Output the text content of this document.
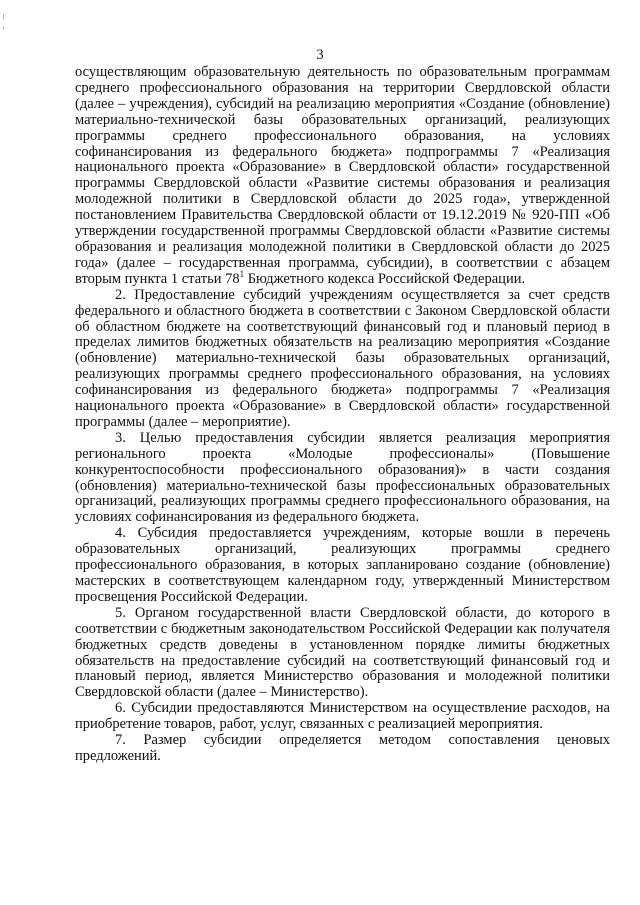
3

осуществляющим образовательную деятельность по образовательным программам среднего профессионального образования на территории Свердловской области (далее – учреждения), субсидий на реализацию мероприятия «Создание (обновление) материально-технической базы образовательных организаций, реализующих программы среднего профессионального образования, на условиях софинансирования из федерального бюджета» подпрограммы 7 «Реализация национального проекта «Образование» в Свердловской области» государственной программы Свердловской области «Развитие системы образования и реализация молодежной политики в Свердловской области до 2025 года», утвержденной постановлением Правительства Свердловской области от 19.12.2019 № 920-ПП «Об утверждении государственной программы Свердловской области «Развитие системы образования и реализация молодежной политики в Свердловской области до 2025 года» (далее – государственная программа, субсидии), в соответствии с абзацем вторым пункта 1 статьи 78$^1$ Бюджетного кодекса Российской Федерации.

2. Предоставление субсидий учреждениям осуществляется за счет средств федерального и областного бюджета в соответствии с Законом Свердловской области об областном бюджете на соответствующий финансовый год и плановый период в пределах лимитов бюджетных обязательств на реализацию мероприятия «Создание (обновление) материально-технической базы образовательных организаций, реализующих программы среднего профессионального образования, на условиях софинансирования из федерального бюджета» подпрограммы 7 «Реализация национального проекта «Образование» в Свердловской области» государственной программы (далее – мероприятие).

3. Целью предоставления субсидии является реализация мероприятия регионального проекта «Молодые профессионалы» (Повышение конкурентоспособности профессионального образования)» в части создания (обновления) материально-технической базы профессиональных образовательных организаций, реализующих программы среднего профессионального образования, на условиях софинансирования из федерального бюджета.

4. Субсидия предоставляется учреждениям, которые вошли в перечень образовательных организаций, реализующих программы среднего профессионального образования, в которых запланировано создание (обновление) мастерских в соответствующем календарном году, утвержденный Министерством просвещения Российской Федерации.

5. Органом государственной власти Свердловской области, до которого в соответствии с бюджетным законодательством Российской Федерации как получателя бюджетных средств доведены в установленном порядке лимиты бюджетных обязательств на предоставление субсидий на соответствующий финансовый год и плановый период, является Министерство образования и молодежной политики Свердловской области (далее – Министерство).

6. Субсидии предоставляются Министерством на осуществление расходов, на приобретение товаров, работ, услуг, связанных с реализацией мероприятия.

7. Размер субсидии определяется методом сопоставления ценовых предложений.
